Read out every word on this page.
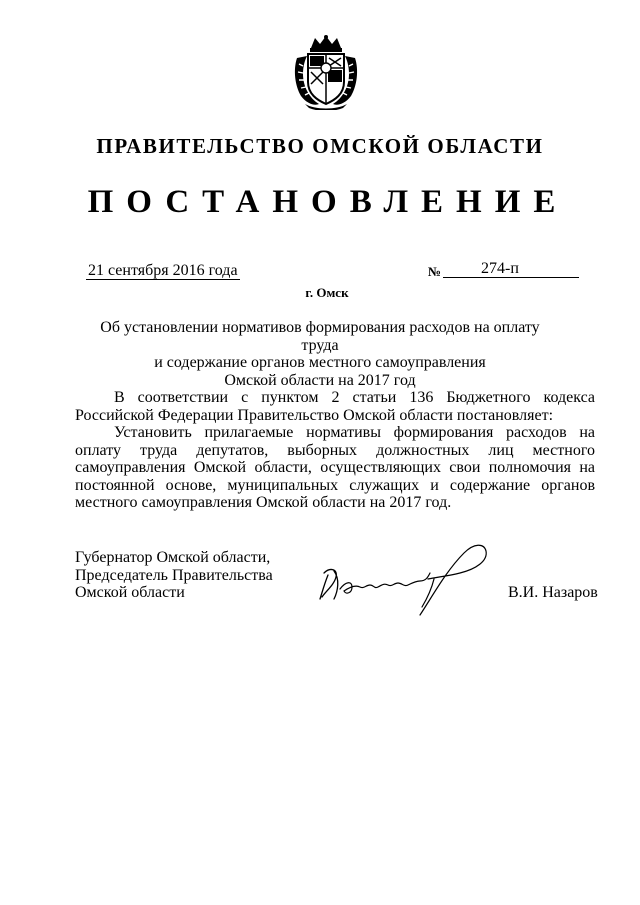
ПРАВИТЕЛЬСТВО ОМСКОЙ ОБЛАСТИ
ПОСТАНОВЛЕНИЕ
21 сентября 2016 года	№	274-п
г. Омск
Об установлении нормативов формирования расходов на оплату труда
и содержание органов местного самоуправления
Омской области на 2017 год

В соответствии с пунктом 2 статьи 136 Бюджетного кодекса Российской Федерации Правительство Омской области постановляет:

Установить прилагаемые нормативы формирования расходов на оплату труда депутатов, выборных должностных лиц местного самоуправления Омской области, осуществляющих свои полномочия на постоянной основе, муниципальных служащих и содержание органов местного самоуправления Омской области на 2017 год.

Губернатор Омской области,
Председатель Правительства
Омской области	В.И. Назаров
